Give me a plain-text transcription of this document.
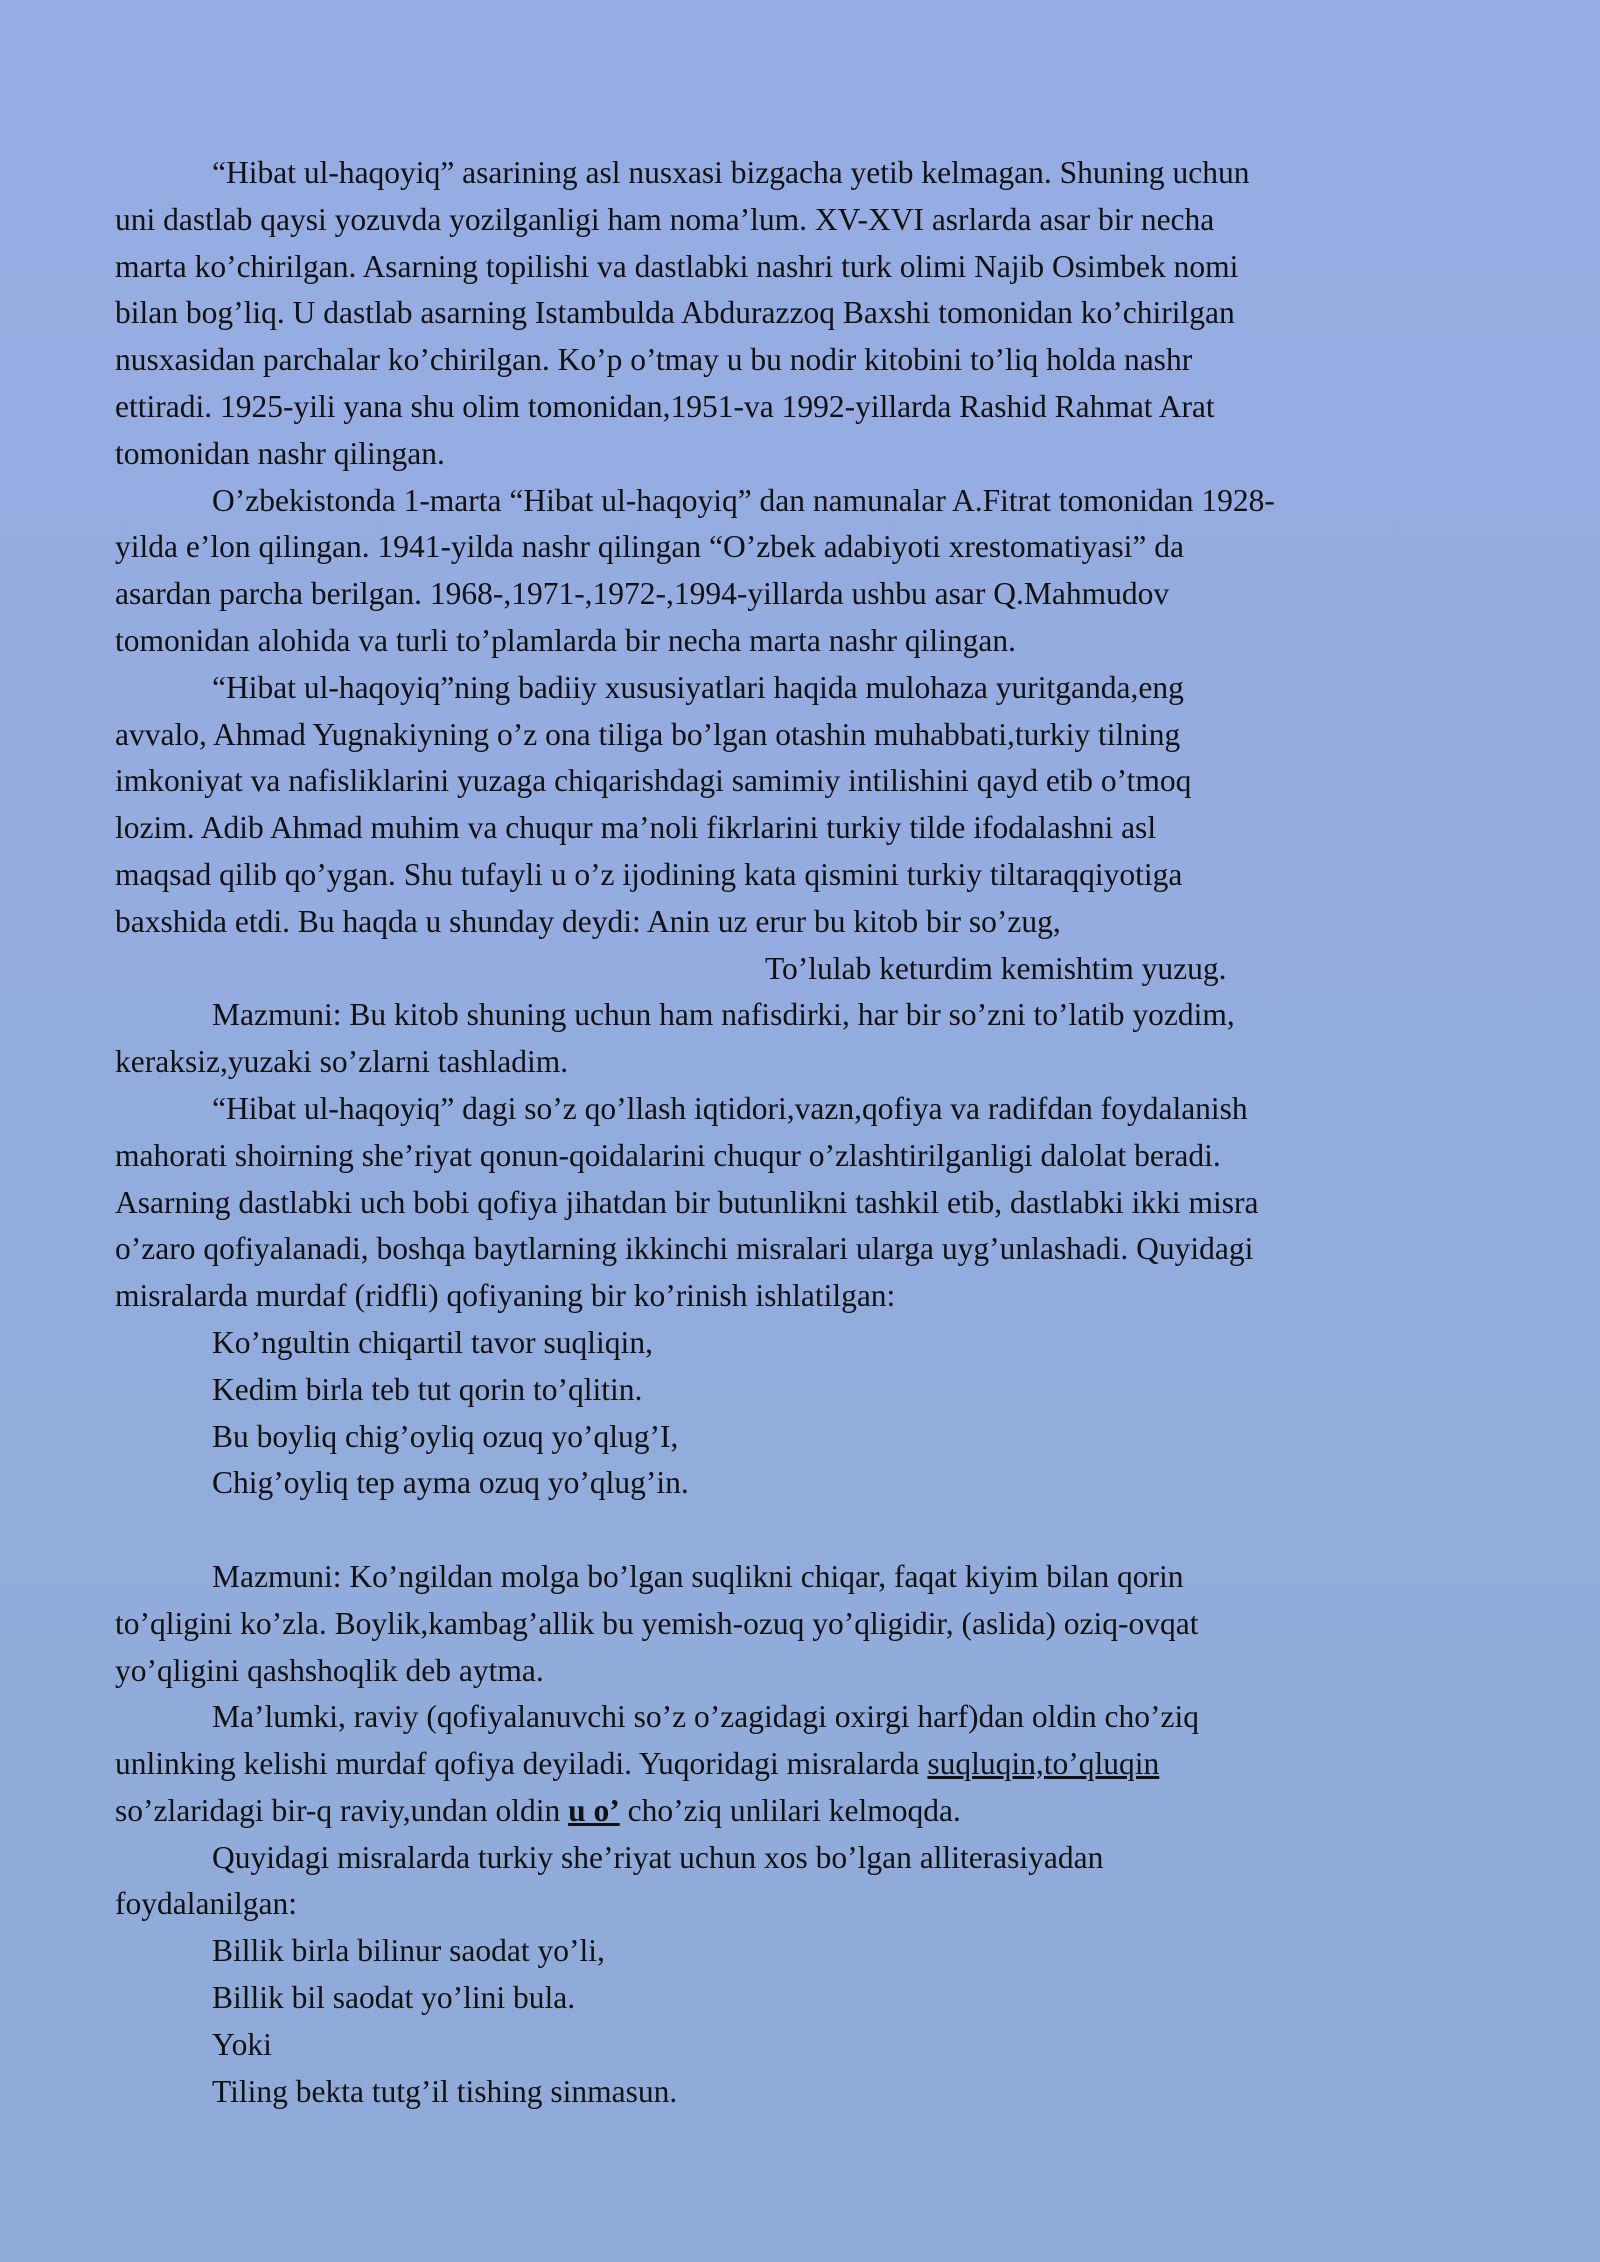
“Hibat ul-haqoyiq” asarining asl nusxasi bizgacha yetib kelmagan. Shuning uchun
uni dastlab qaysi yozuvda yozilganligi ham noma’lum. XV-XVI asrlarda asar bir necha
marta ko’chirilgan. Asarning topilishi va dastlabki nashri turk olimi Najib Osimbek nomi
bilan bog’liq. U dastlab asarning Istambulda Abdurazzoq Baxshi tomonidan ko’chirilgan
nusxasidan parchalar ko’chirilgan. Ko’p o’tmay u bu nodir kitobini to’liq holda nashr
ettiradi. 1925-yili yana shu olim tomonidan,1951-va 1992-yillarda Rashid Rahmat Arat
tomonidan nashr qilingan.
O’zbekistonda 1-marta “Hibat ul-haqoyiq” dan namunalar A.Fitrat tomonidan 1928-
yilda e’lon qilingan. 1941-yilda nashr qilingan “O’zbek adabiyoti xrestomatiyasi” da
asardan parcha berilgan. 1968-,1971-,1972-,1994-yillarda ushbu asar Q.Mahmudov
tomonidan alohida va turli to’plamlarda bir necha marta nashr qilingan.
“Hibat ul-haqoyiq”ning badiiy xususiyatlari haqida mulohaza yuritganda,eng
avvalo, Ahmad Yugnakiyning o’z ona tiliga bo’lgan otashin muhabbati,turkiy tilning
imkoniyat va nafisliklarini yuzaga chiqarishdagi samimiy intilishini qayd etib o’tmoq
lozim. Adib Ahmad muhim va chuqur ma’noli fikrlarini turkiy tilde ifodalashni asl
maqsad qilib qo’ygan. Shu tufayli u o’z ijodining kata qismini turkiy tiltaraqqiyotiga
baxshida etdi. Bu haqda u shunday deydi: Anin uz erur bu kitob bir so’zug,
To’lulab keturdim kemishtim yuzug.
Mazmuni: Bu kitob shuning uchun ham nafisdirki, har bir so’zni to’latib yozdim,
keraksiz,yuzaki so’zlarni tashladim.
“Hibat ul-haqoyiq” dagi so’z qo’llash iqtidori,vazn,qofiya va radifdan foydalanish
mahorati shoirning she’riyat qonun-qoidalarini chuqur o’zlashtirilganligi dalolat beradi.
Asarning dastlabki uch bobi qofiya jihatdan bir butunlikni tashkil etib, dastlabki ikki misra
o’zaro qofiyalanadi, boshqa baytlarning ikkinchi misralari ularga uyg’unlashadi. Quyidagi
misralarda murdaf (ridfli) qofiyaning bir ko’rinish ishlatilgan:
Ko’ngultin chiqartil tavor suqliqin,
Kedim birla teb tut qorin to’qlitin.
Bu boyliq chig’oyliq ozuq yo’qlug’I,
Chig’oyliq tep ayma ozuq yo’qlug’in.
Mazmuni: Ko’ngildan molga bo’lgan suqlikni chiqar, faqat kiyim bilan qorin
to’qligini ko’zla. Boylik,kambag’allik bu yemish-ozuq yo’qligidir, (aslida) oziq-ovqat
yo’qligini qashshoqlik deb aytma.
Ma’lumki, raviy (qofiyalanuvchi so’z o’zagidagi oxirgi harf)dan oldin cho’ziq
unlinking kelishi murdaf qofiya deyiladi. Yuqoridagi misralarda suqluqin,to’qluqin
so’zlaridagi bir-q raviy,undan oldin u o’ cho’ziq unlilari kelmoqda.
Quyidagi misralarda turkiy she’riyat uchun xos bo’lgan alliterasiyadan
foydalanilgan:
Billik birla bilinur saodat yo’li,
Billik bil saodat yo’lini bula.
Yoki
Tiling bekta tutg’il tishing sinmasun.
